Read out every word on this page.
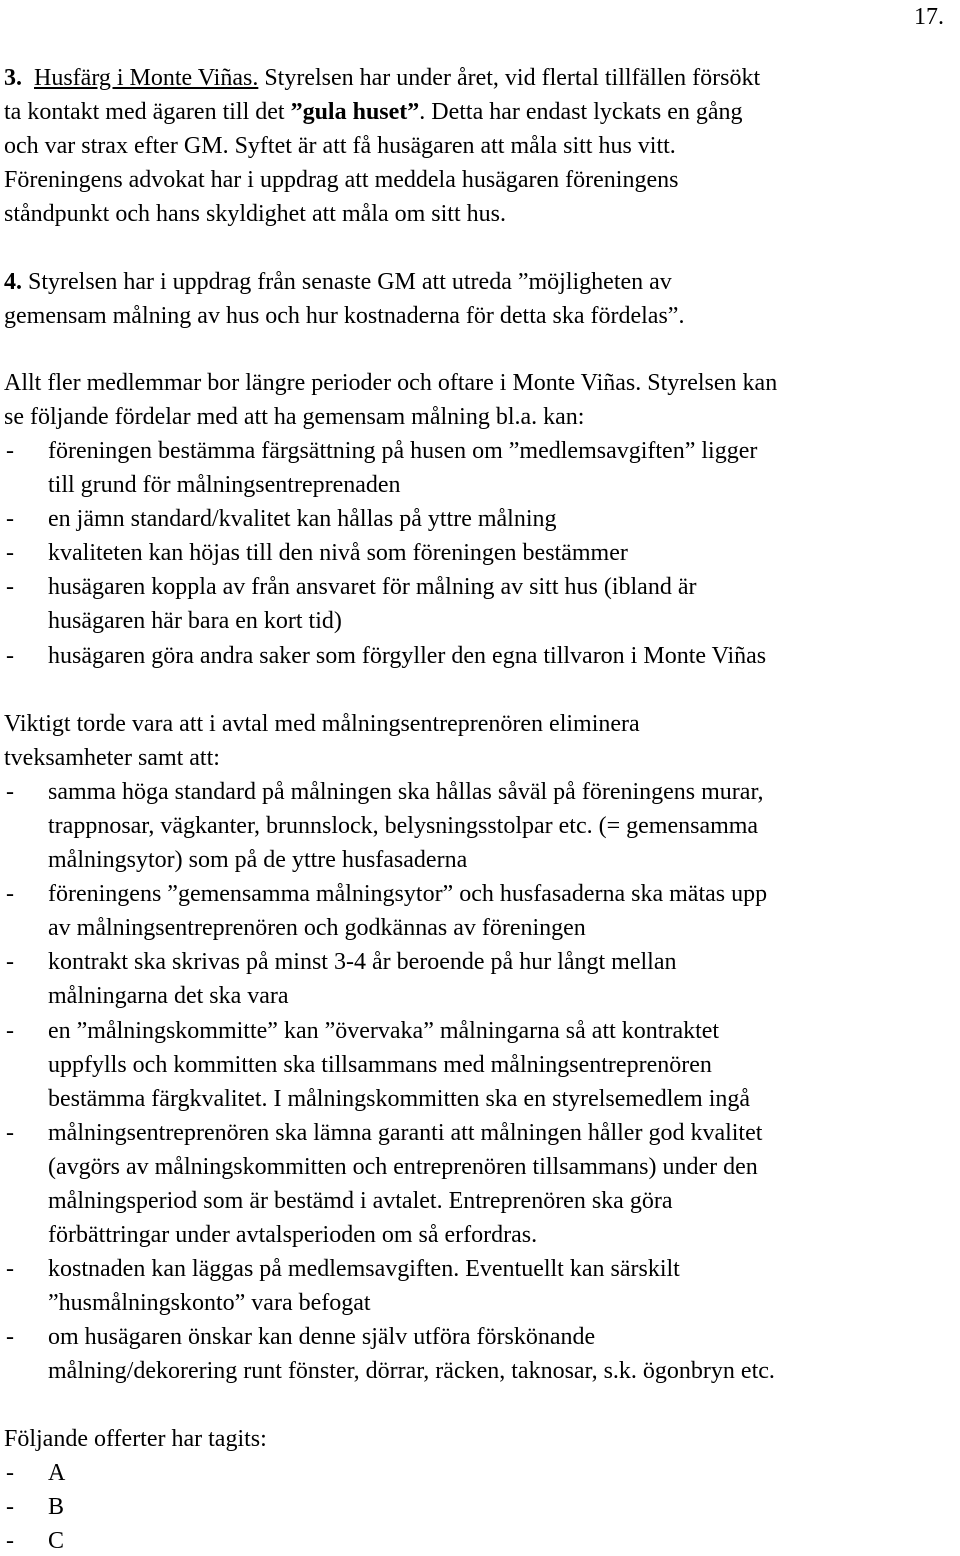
17.
3. Husfärg i Monte Viñas. Styrelsen har under året, vid flertal tillfällen försökt
ta kontakt med ägaren till det ”gula huset”. Detta har endast lyckats en gång
och var strax efter GM. Syftet är att få husägaren att måla sitt hus vitt.
Föreningens advokat har i uppdrag att meddela husägaren föreningens
ståndpunkt och hans skyldighet att måla om sitt hus.
4. Styrelsen har i uppdrag från senaste GM att utreda ”möjligheten av
gemensam målning av hus och hur kostnaderna för detta ska fördelas”.
Allt fler medlemmar bor längre perioder och oftare i Monte Viñas. Styrelsen kan
se följande fördelar med att ha gemensam målning bl.a. kan:
- föreningen bestämma färgsättning på husen om ”medlemsavgiften” ligger
till grund för målningsentreprenaden
- en jämn standard/kvalitet kan hållas på yttre målning
- kvaliteten kan höjas till den nivå som föreningen bestämmer
- husägaren koppla av från ansvaret för målning av sitt hus (ibland är
husägaren här bara en kort tid)
- husägaren göra andra saker som förgyller den egna tillvaron i Monte Viñas
Viktigt torde vara att i avtal med målningsentreprenören eliminera
tveksamheter samt att:
- samma höga standard på målningen ska hållas såväl på föreningens murar,
trappnosar, vägkanter, brunnslock, belysningsstolpar etc. (= gemensamma
målningsytor) som på de yttre husfasaderna
- föreningens ”gemensamma målningsytor” och husfasaderna ska mätas upp
av målningsentreprenören och godkännas av föreningen
- kontrakt ska skrivas på minst 3-4 år beroende på hur långt mellan
målningarna det ska vara
- en ”målningskommitte” kan ”övervaka” målningarna så att kontraktet
uppfylls och kommitten ska tillsammans med målningsentreprenören
bestämma färgkvalitet. I målningskommitten ska en styrelsemedlem ingå
- målningsentreprenören ska lämna garanti att målningen håller god kvalitet
(avgörs av målningskommitten och entreprenören tillsammans) under den
målningsperiod som är bestämd i avtalet. Entreprenören ska göra
förbättringar under avtalsperioden om så erfordras.
- kostnaden kan läggas på medlemsavgiften. Eventuellt kan särskilt
”husmålningskonto” vara befogat
- om husägaren önskar kan denne själv utföra förskönande
målning/dekorering runt fönster, dörrar, räcken, taknosar, s.k. ögonbryn etc.
Följande offerter har tagits:
- A
- B
- C
